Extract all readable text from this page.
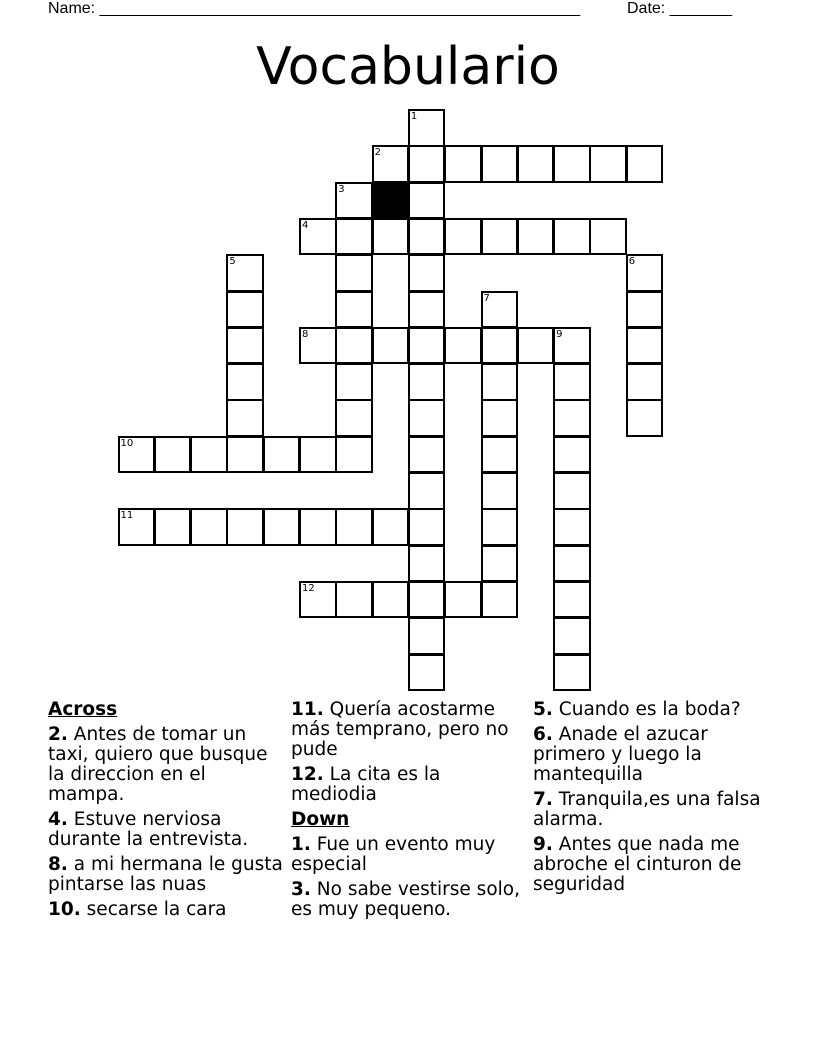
Name: ______________________________________________________	Date: _______
Vocabulario
1
2
3
4
5	6
7
8	9
10
11
12
Across
2. Antes de tomar un taxi, quiero que busque la direccion en el mampa.
4. Estuve nerviosa durante la entrevista.
8. a mi hermana le gusta pintarse las nuas
10. secarse la cara
11. Quería acostarme más temprano, pero no pude
12. La cita es la mediodia
Down
1. Fue un evento muy especial
3. No sabe vestirse solo, es muy pequeno.
5. Cuando es la boda?
6. Anade el azucar primero y luego la mantequilla
7. Tranquila,es una falsa alarma.
9. Antes que nada me abroche el cinturon de seguridad
